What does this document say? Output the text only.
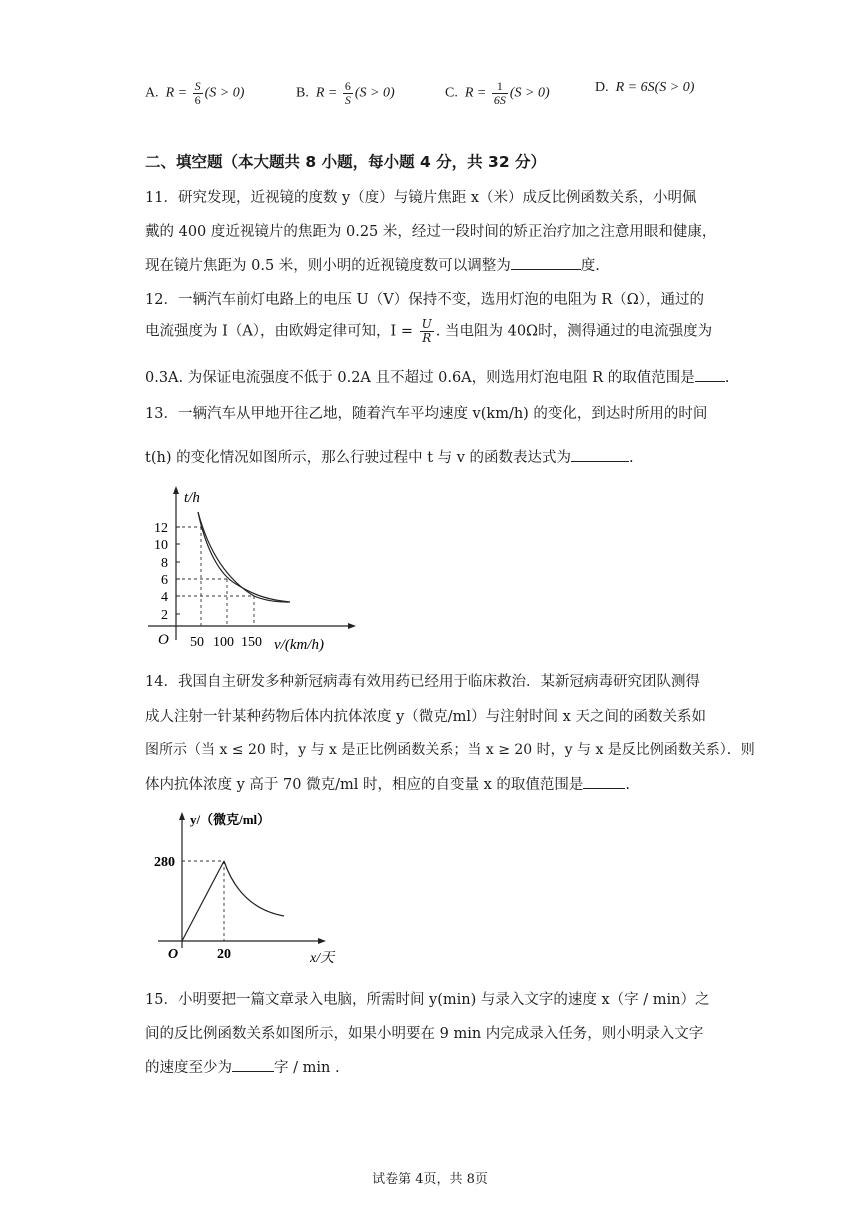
A. $R = \frac{S}{6} (S > 0)$	B. $R = \frac{6}{S} (S > 0)$	C. $R = \frac{1}{6S} (S > 0)$	D. R = 6S(S > 0)
二、填空题（本大题共 8 小题，每小题 4 分，共 32 分）
11．研究发现，近视镜的度数 y（度）与镜片焦距 x（米）成反比例函数关系，小明佩
戴的 400 度近视镜片的焦距为 0.25 米，经过一段时间的矫正治疗加之注意用眼和健康，
现在镜片焦距为 0.5 米，则小明的近视镜度数可以调整为	度.
12．一辆汽车前灯电路上的电压 U（V）保持不变，选用灯泡的电阻为 R（Ω），通过的
电流强度为 I（A），由欧姆定律可知，$I = \frac{U}{R}$ . 当电阻为 40Ω时，测得通过的电流强度为
0.3A. 为保证电流强度不低于 0.2A 且不超过 0.6A，则选用灯泡电阻 R 的取值范围是 .
13．一辆汽车从甲地开往乙地，随着汽车平均速度 v(km/h) 的变化，到达时所用的时间
t(h) 的变化情况如图所示，那么行驶过程中 t 与 v 的函数表达式为	.
t/h
v/(km/h)
O
12
10
8
6
4
2
50 100 150
14．我国自主研发多种新冠病毒有效用药已经用于临床救治．某新冠病毒研究团队测得
成人注射一针某种药物后体内抗体浓度 y（微克/ml）与注射时间 x 天之间的函数关系如
图所示（当 x ≤ 20 时，y 与 x 是正比例函数关系；当 x ≥ 20 时，y 与 x 是反比例函数关系）．则
体内抗体浓度 y 高于 70 微克/ml 时，相应的自变量 x 的取值范围是	.
y/（微克/ml）
x/天
O
280
20
15．小明要把一篇文章录入电脑，所需时间 y(min) 与录入文字的速度 x（字 / min）之
间的反比例函数关系如图所示，如果小明要在 9 min 内完成录入任务，则小明录入文字
的速度至少为	字 / min .
试卷第 4页，共 8页
